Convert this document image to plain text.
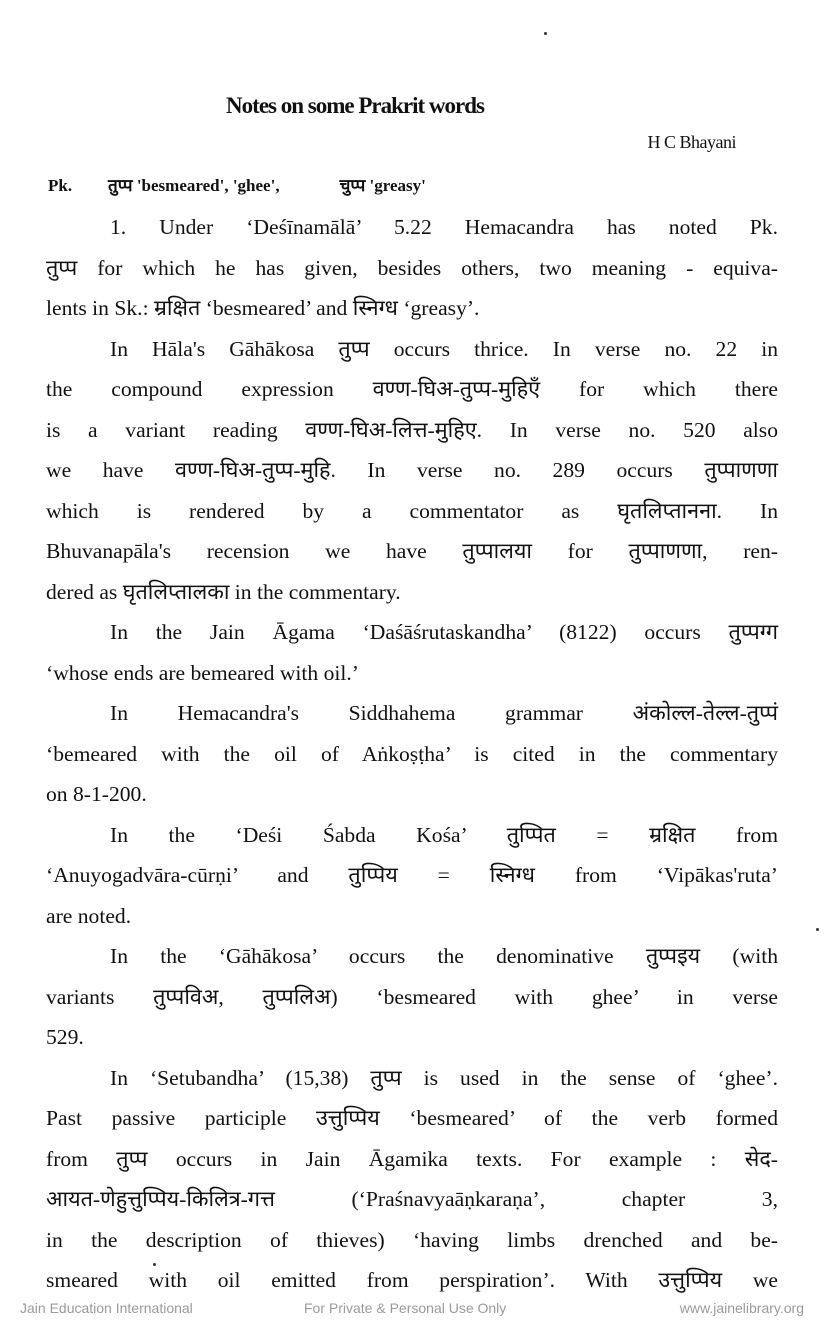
Notes on some Prakrit words
H C Bhayani
Pk. तुप्प 'besmeared', 'ghee',	चुप्प 'greasy'
1. Under ‘Deśīnamālā’ 5.22 Hemacandra has noted Pk.
तुप्प for which he has given, besides others, two meaning - equiva-
lents in Sk.: म्रक्षित ‘besmeared’ and स्निग्ध ‘greasy’.
In Hāla's Gāhākosa तुप्प occurs thrice. In verse no. 22 in
the compound expression वण्ण-घिअ-तुप्प-मुहिएँ for which there
is a variant reading वण्ण-घिअ-लित्त-मुहिए. In verse no. 520 also
we have वण्ण-घिअ-तुप्प-मुहि. In verse no. 289 occurs तुप्पाणणा
which is rendered by a commentator as घृतलिप्तानना. In
Bhuvanapāla's recension we have तुप्पालया for तुप्पाणणा, ren-
dered as घृतलिप्तालका in the commentary.
In the Jain Āgama ‘Daśāśrutaskandha’ (8122) occurs तुप्पग्ग
‘whose ends are bemeared with oil.’
In Hemacandra's Siddhahema grammar अंकोल्ल-तेल्ल-तुप्पं
‘bemeared with the oil of Aṅkoṣṭha’ is cited in the commentary
on 8-1-200.
In the ‘Deśi Śabda Kośa’ तुप्पित = म्रक्षित from
‘Anuyogadvāra-cūrṇi’ and तुप्पिय = स्निग्ध from ‘Vipākas'ruta’
are noted.
In the ‘Gāhākosa’ occurs the denominative तुप्पइय (with
variants तुप्पविअ, तुप्पलिअ) ‘besmeared with ghee’ in verse
529.
In ‘Setubandha’ (15,38) तुप्प is used in the sense of ‘ghee’.
Past passive participle उत्तुप्पिय ‘besmeared’ of the verb formed
from तुप्प occurs in Jain Āgamika texts. For example : सेद-
आयत-णेहुत्तुप्पिय-किलित्र-गत्त (‘Praśnavyaāṇkaraṇa’, chapter 3,
in the description of thieves) ‘having limbs drenched and be-
smeared with oil emitted from perspiration’. With उत्तुप्पिय we
Jain Education International	For Private & Personal Use Only	www.jainelibrary.org
